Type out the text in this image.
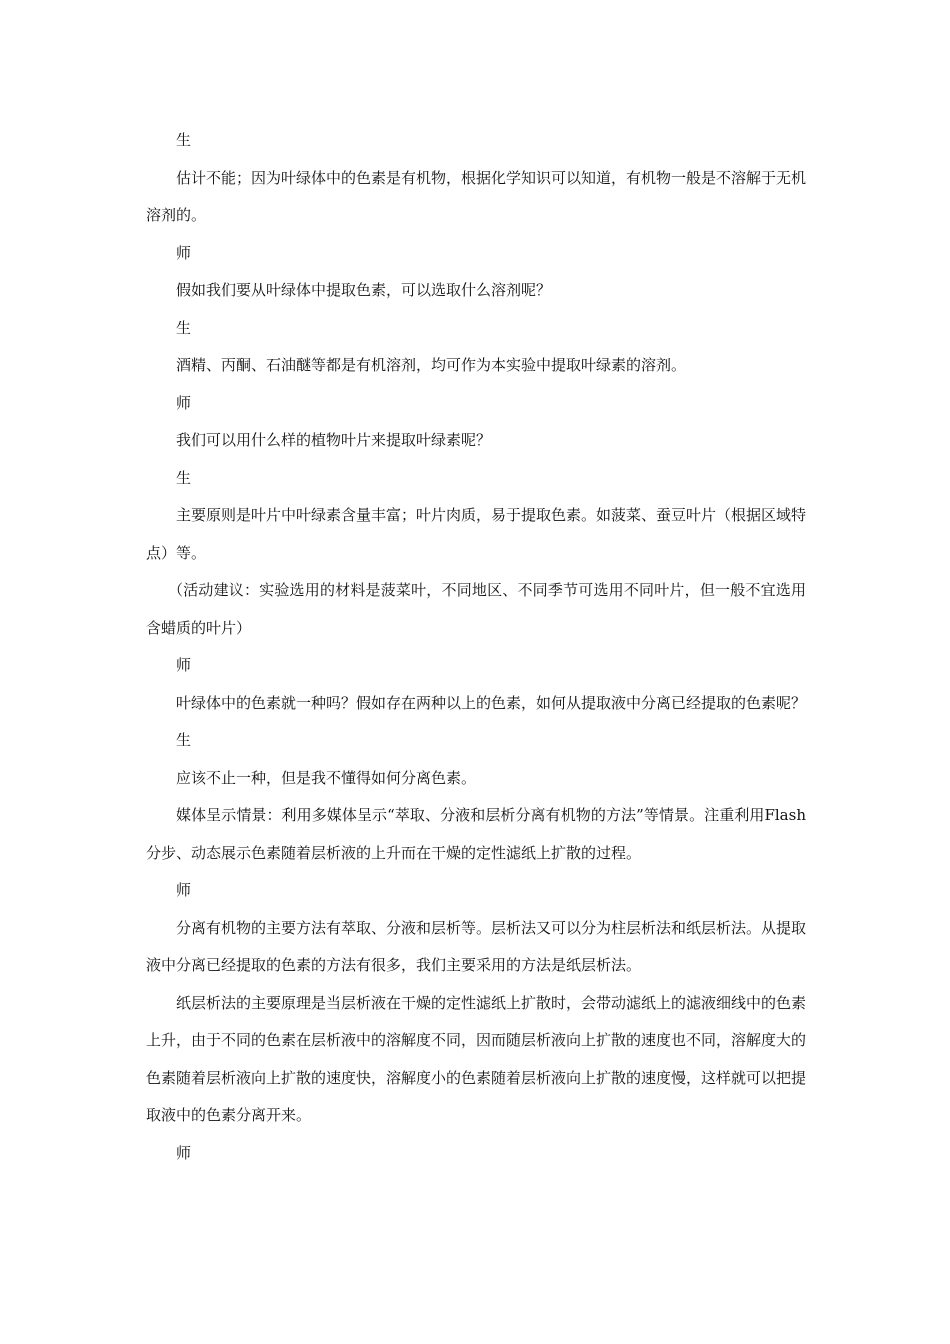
生

估计不能；因为叶绿体中的色素是有机物，根据化学知识可以知道，有机物一般是不溶解于无机溶剂的。

师

假如我们要从叶绿体中提取色素，可以选取什么溶剂呢？

生

酒精、丙酮、石油醚等都是有机溶剂，均可作为本实验中提取叶绿素的溶剂。

师

我们可以用什么样的植物叶片来提取叶绿素呢？

生

主要原则是叶片中叶绿素含量丰富；叶片肉质，易于提取色素。如菠菜、蚕豆叶片（根据区域特点）等。

（活动建议：实验选用的材料是菠菜叶，不同地区、不同季节可选用不同叶片，但一般不宜选用含蜡质的叶片）

师

叶绿体中的色素就一种吗？假如存在两种以上的色素，如何从提取液中分离已经提取的色素呢？

生

应该不止一种，但是我不懂得如何分离色素。

媒体呈示情景：利用多媒体呈示“萃取、分液和层析分离有机物的方法”等情景。注重利用Flash分步、动态展示色素随着层析液的上升而在干燥的定性滤纸上扩散的过程。

师

分离有机物的主要方法有萃取、分液和层析等。层析法又可以分为柱层析法和纸层析法。从提取液中分离已经提取的色素的方法有很多，我们主要采用的方法是纸层析法。

纸层析法的主要原理是当层析液在干燥的定性滤纸上扩散时，会带动滤纸上的滤液细线中的色素上升，由于不同的色素在层析液中的溶解度不同，因而随层析液向上扩散的速度也不同，溶解度大的色素随着层析液向上扩散的速度快，溶解度小的色素随着层析液向上扩散的速度慢，这样就可以把提取液中的色素分离开来。

师
